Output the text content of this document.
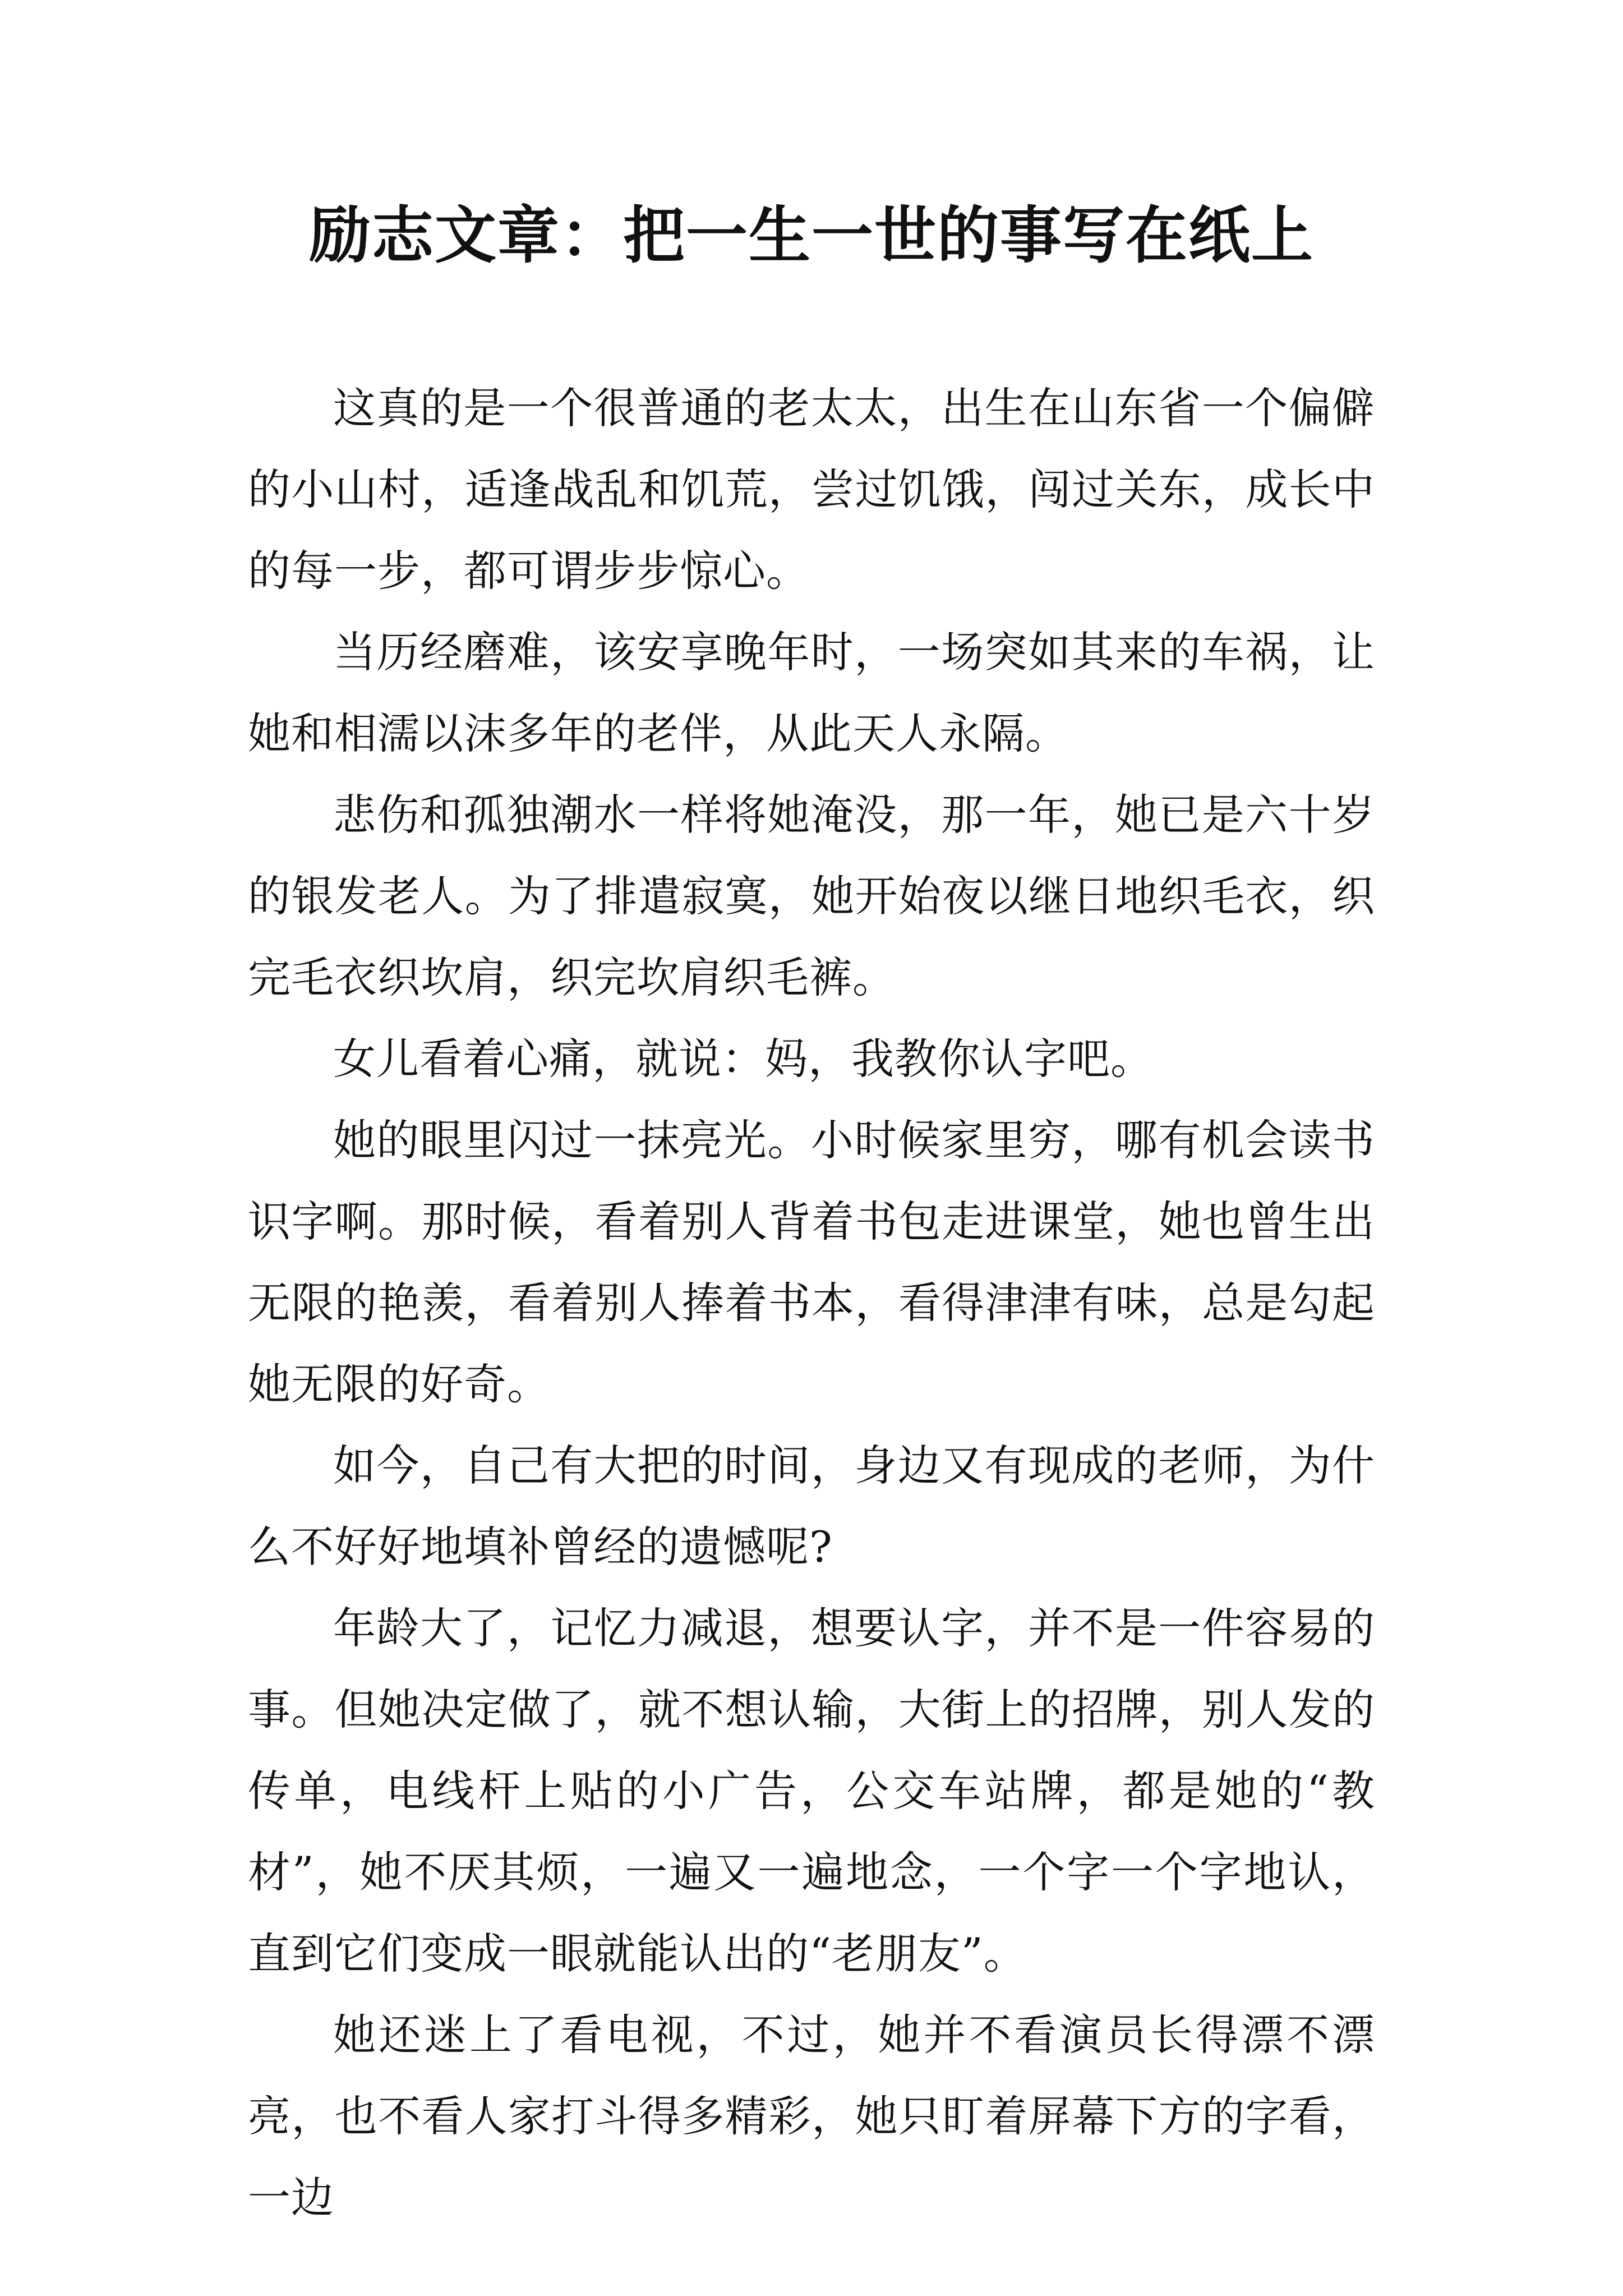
励志文章：把一生一世的事写在纸上

这真的是一个很普通的老太太，出生在山东省一个偏僻的小山村，适逢战乱和饥荒，尝过饥饿，闯过关东，成长中的每一步，都可谓步步惊心。

当历经磨难，该安享晚年时，一场突如其来的车祸，让她和相濡以沫多年的老伴，从此天人永隔。

悲伤和孤独潮水一样将她淹没，那一年，她已是六十岁的银发老人。为了排遣寂寞，她开始夜以继日地织毛衣，织完毛衣织坎肩，织完坎肩织毛裤。

女儿看着心痛，就说：妈，我教你认字吧。

她的眼里闪过一抹亮光。小时候家里穷，哪有机会读书识字啊。那时候，看着别人背着书包走进课堂，她也曾生出无限的艳羡，看着别人捧着书本，看得津津有味，总是勾起她无限的好奇。

如今，自己有大把的时间，身边又有现成的老师，为什么不好好地填补曾经的遗憾呢?

年龄大了，记忆力减退，想要认字，并不是一件容易的事。但她决定做了，就不想认输，大街上的招牌，别人发的传单，电线杆上贴的小广告，公交车站牌，都是她的“教材”，她不厌其烦，一遍又一遍地念，一个字一个字地认，直到它们变成一眼就能认出的“老朋友”。

她还迷上了看电视，不过，她并不看演员长得漂不漂亮，也不看人家打斗得多精彩，她只盯着屏幕下方的字看，一边
